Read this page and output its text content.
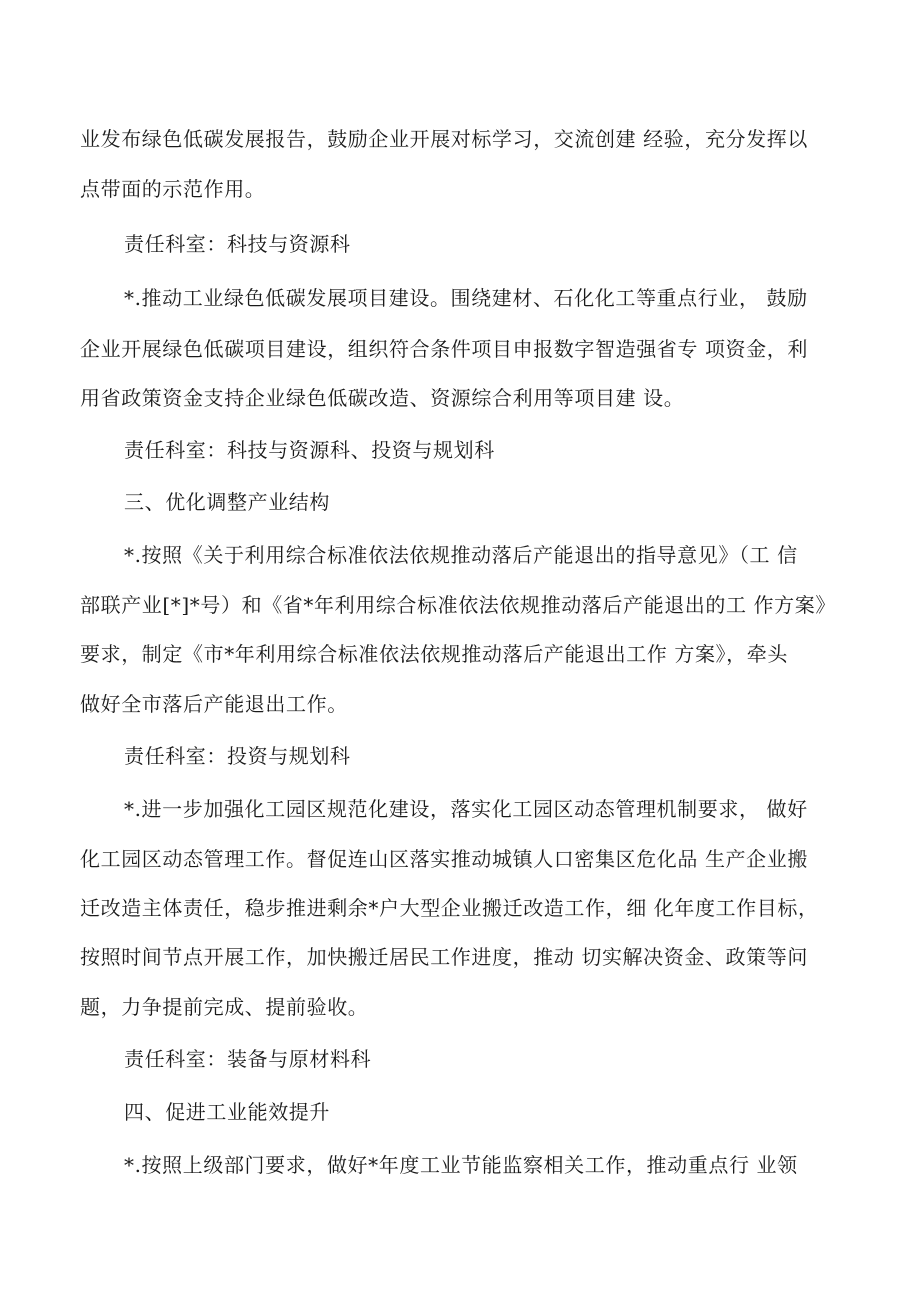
业发布绿色低碳发展报告，鼓励企业开展对标学习，交流创建 经验，充分发挥以
点带面的示范作用。
责任科室：科技与资源科
*.推动工业绿色低碳发展项目建设。围绕建材、石化化工等重点行业， 鼓励
企业开展绿色低碳项目建设，组织符合条件项目申报数字智造强省专 项资金，利
用省政策资金支持企业绿色低碳改造、资源综合利用等项目建 设。
责任科室：科技与资源科、投资与规划科
三、优化调整产业结构
*.按照《关于利用综合标准依法依规推动落后产能退出的指导意见》（工 信
部联产业[*]*号）和《省*年利用综合标准依法依规推动落后产能退出的工 作方案》
要求，制定《市*年利用综合标准依法依规推动落后产能退出工作 方案》，牵头
做好全市落后产能退出工作。
责任科室：投资与规划科
*.进一步加强化工园区规范化建设，落实化工园区动态管理机制要求， 做好
化工园区动态管理工作。督促连山区落实推动城镇人口密集区危化品 生产企业搬
迁改造主体责任，稳步推进剩余*户大型企业搬迁改造工作，细 化年度工作目标，
按照时间节点开展工作，加快搬迁居民工作进度，推动 切实解决资金、政策等问
题，力争提前完成、提前验收。
责任科室：装备与原材料科
四、促进工业能效提升
*.按照上级部门要求，做好*年度工业节能监察相关工作，推动重点行 业领
